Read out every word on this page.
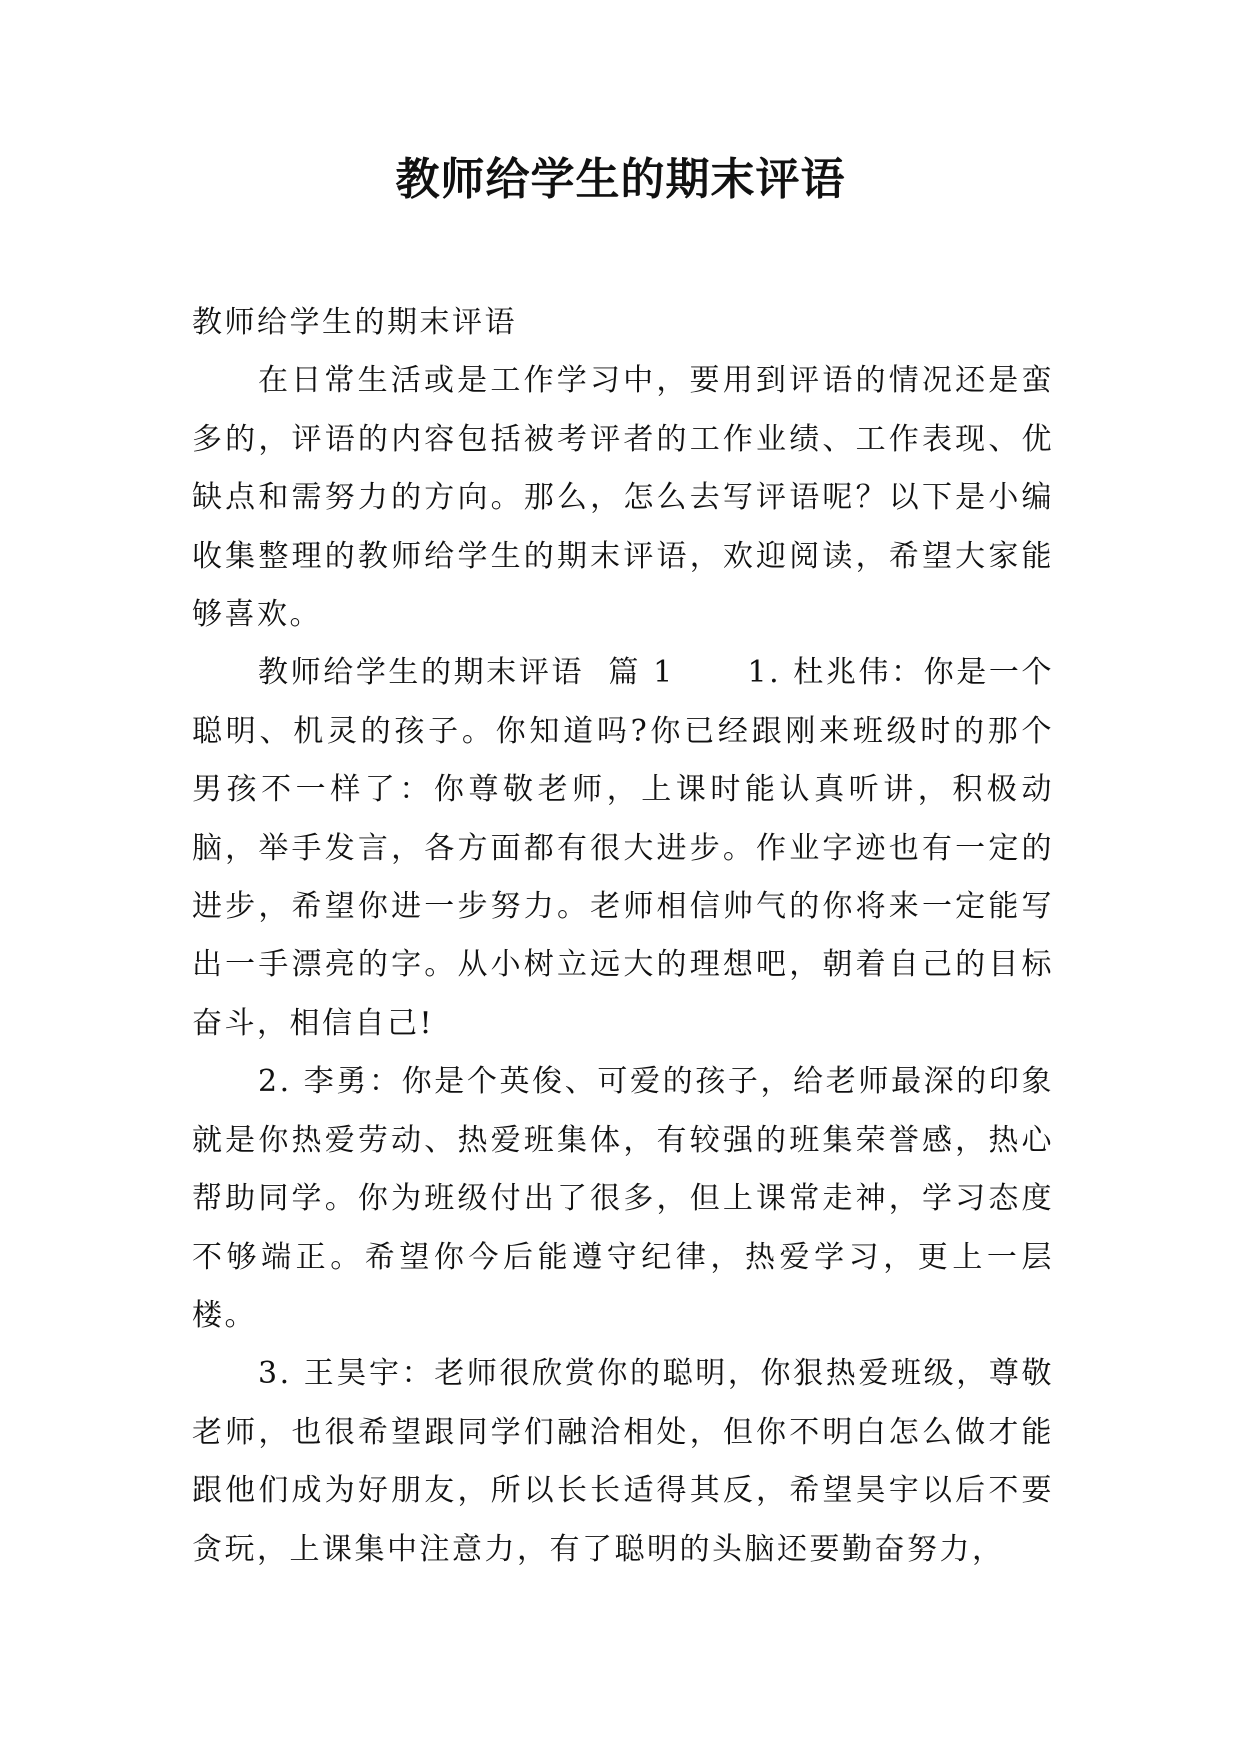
教师给学生的期末评语

教师给学生的期末评语

在日常生活或是工作学习中，要用到评语的情况还是蛮多的，评语的内容包括被考评者的工作业绩、工作表现、优缺点和需努力的方向。那么，怎么去写评语呢？以下是小编收集整理的教师给学生的期末评语，欢迎阅读，希望大家能够喜欢。

教师给学生的期末评语  篇 1      1. 杜兆伟：你是一个聪明、机灵的孩子。你知道吗?你已经跟刚来班级时的那个男孩不一样了：你尊敬老师，上课时能认真听讲，积极动脑，举手发言，各方面都有很大进步。作业字迹也有一定的进步，希望你进一步努力。老师相信帅气的你将来一定能写出一手漂亮的字。从小树立远大的理想吧，朝着自己的目标奋斗，相信自己!

2. 李勇：你是个英俊、可爱的孩子，给老师最深的印象就是你热爱劳动、热爱班集体，有较强的班集荣誉感，热心帮助同学。你为班级付出了很多，但上课常走神，学习态度不够端正。希望你今后能遵守纪律，热爱学习，更上一层楼。

3. 王昊宇：老师很欣赏你的聪明，你狠热爱班级，尊敬老师，也很希望跟同学们融洽相处，但你不明白怎么做才能跟他们成为好朋友，所以长长适得其反，希望昊宇以后不要贪玩，上课集中注意力，有了聪明的头脑还要勤奋努力，
